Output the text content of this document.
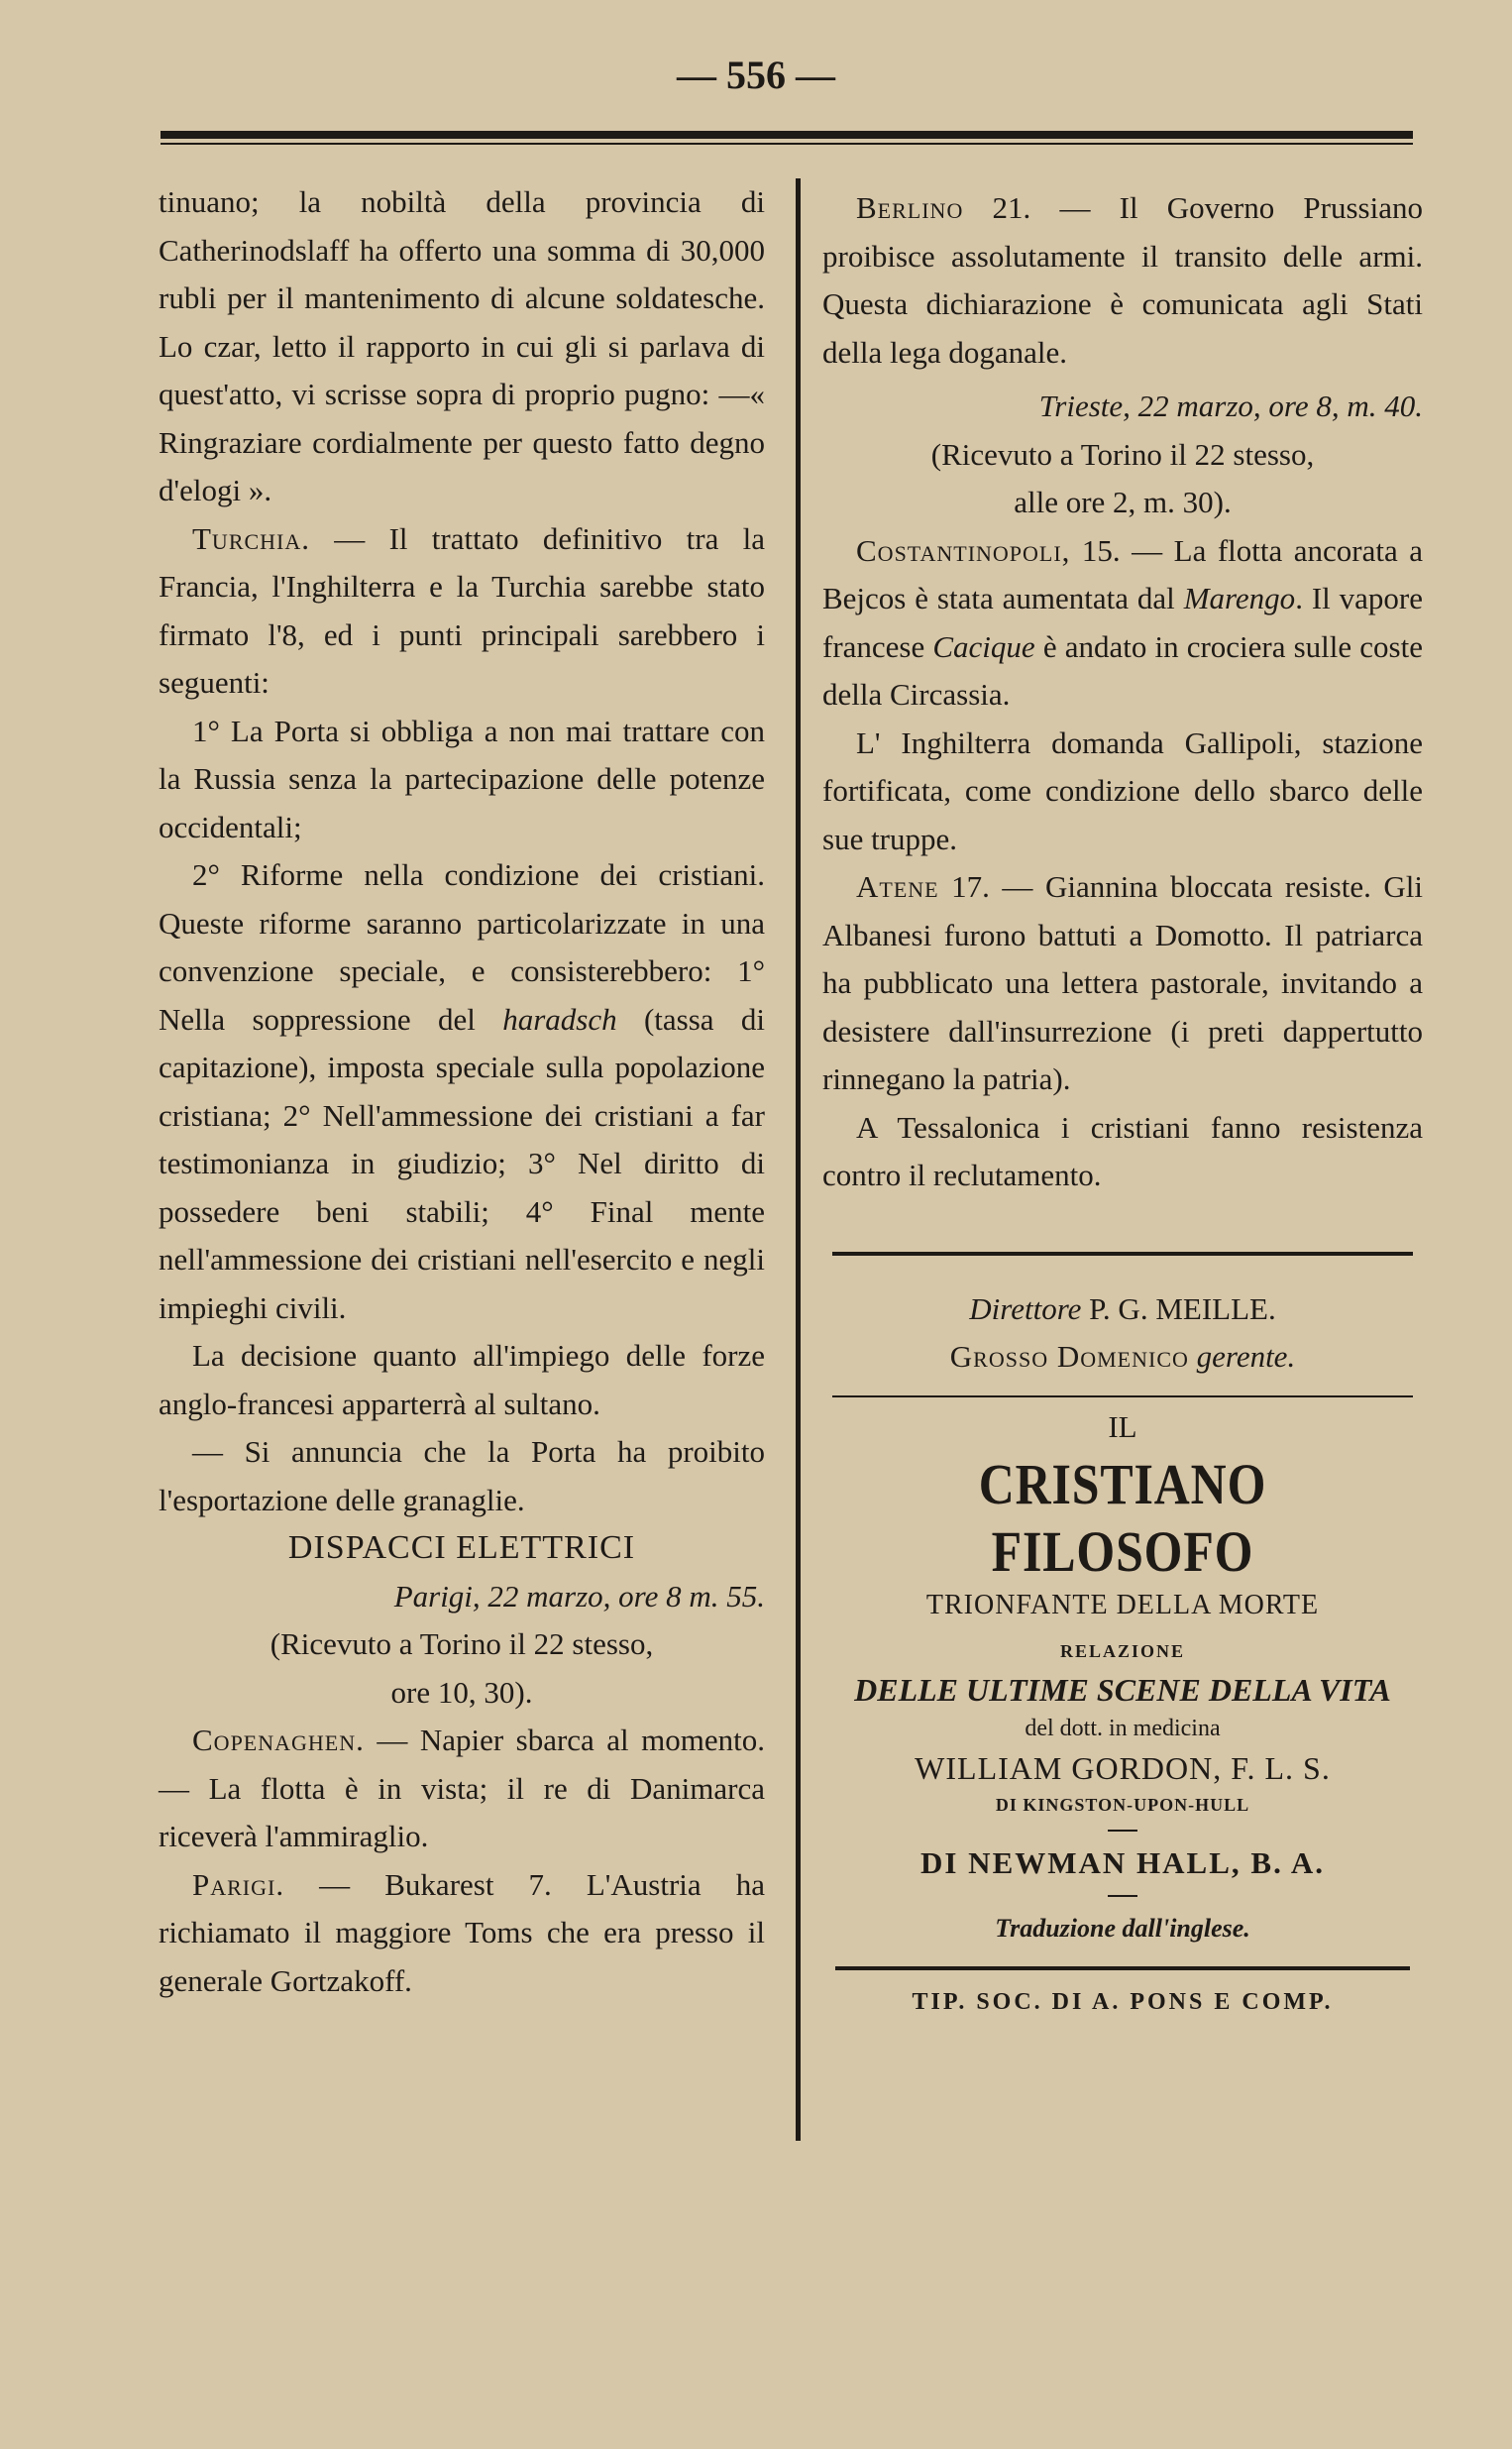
— 556 —

tinuano; la nobiltà della provincia di Catherinodslaff ha offerto una somma di 30,000 rubli per il mantenimento di alcune soldatesche. Lo czar, letto il rapporto in cui gli si parlava di quest'atto, vi scrisse sopra di proprio pugno: —« Ringraziare cordialmente per questo fatto degno d'elogi ».

Turchia. — Il trattato definitivo tra la Francia, l'Inghilterra e la Turchia sarebbe stato firmato l'8, ed i punti principali sarebbero i seguenti:

1° La Porta si obbliga a non mai trattare con la Russia senza la partecipazione delle potenze occidentali;

2° Riforme nella condizione dei cristiani. Queste riforme saranno particolarizzate in una convenzione speciale, e consisterebbero: 1° Nella soppressione del haradsch (tassa di capitazione), imposta speciale sulla popolazione cristiana; 2° Nell'ammessione dei cristiani a far testimonianza in giudizio; 3° Nel diritto di possedere beni stabili; 4° Final mente nell'ammessione dei cristiani nell'esercito e negli impieghi civili.

La decisione quanto all'impiego delle forze anglo-francesi apparterrà al sultano.

— Si annuncia che la Porta ha proibito l'esportazione delle granaglie.

DISPACCI ELETTRICI

Parigi, 22 marzo, ore 8 m. 55.

(Ricevuto a Torino il 22 stesso,

ore 10, 30).

Copenaghen. — Napier sbarca al momento. — La flotta è in vista; il re di Danimarca riceverà l'ammiraglio.

Parigi. — Bukarest 7. L'Austria ha richiamato il maggiore Toms che era presso il generale Gortzakoff.

Berlino 21. — Il Governo Prussiano proibisce assolutamente il transito delle armi. Questa dichiarazione è comunicata agli Stati della lega doganale.

Trieste, 22 marzo, ore 8, m. 40.

(Ricevuto a Torino il 22 stesso,

alle ore 2, m. 30).

Costantinopoli, 15. — La flotta ancorata a Bejcos è stata aumentata dal Marengo. Il vapore francese Cacique è andato in crociera sulle coste della Circassia.

L' Inghilterra domanda Gallipoli, stazione fortificata, come condizione dello sbarco delle sue truppe.

Atene 17. — Giannina bloccata resiste. Gli Albanesi furono battuti a Domotto. Il patriarca ha pubblicato una lettera pastorale, invitando a desistere dall'insurrezione (i preti dappertutto rinnegano la patria).

A Tessalonica i cristiani fanno resistenza contro il reclutamento.

Direttore P. G. MEILLE.

Grosso Domenico gerente.

IL
CRISTIANO FILOSOFO
TRIONFANTE DELLA MORTE
RELAZIONE
DELLE ULTIME SCENE DELLA VITA
del dott. in medicina
WILLIAM GORDON, F. L. S.
DI KINGSTON-UPON-HULL
DI NEWMAN HALL, B. A.
Traduzione dall'inglese.
TIP. SOC. DI A. PONS E COMP.
